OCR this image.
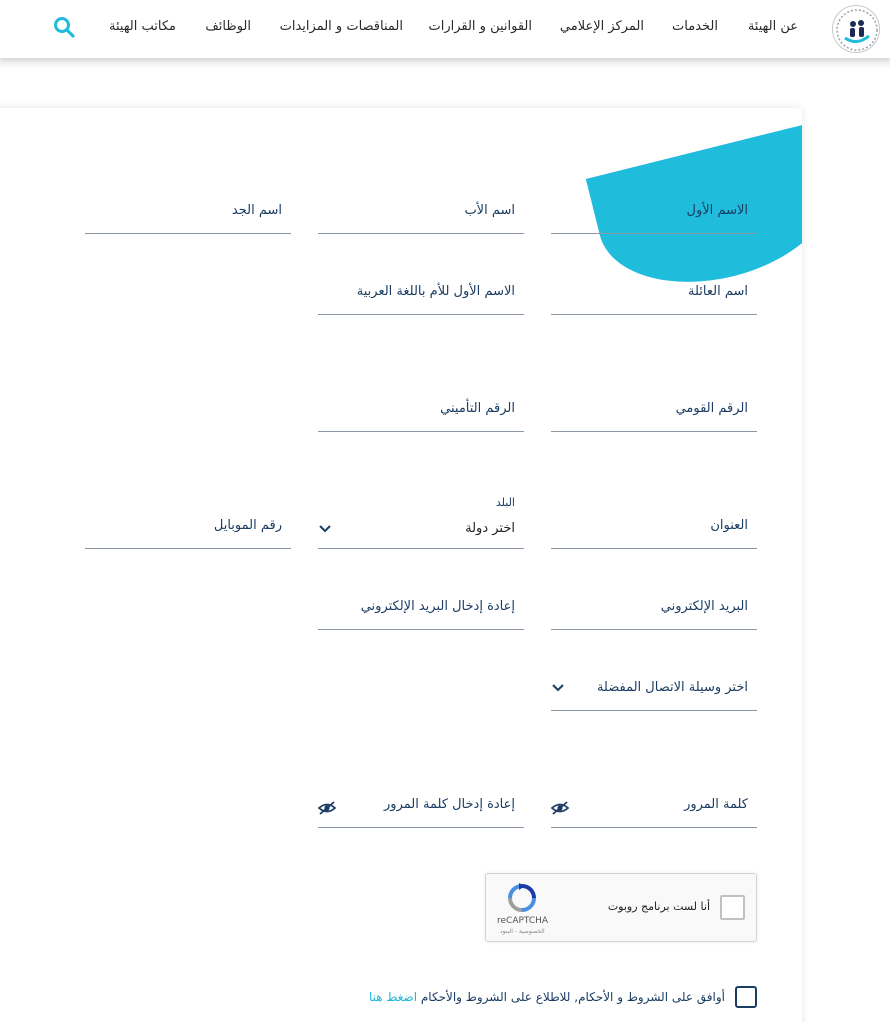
عن الهيئة
الخدمات
المركز الإعلامي
القوانين و القرارات
المناقصات و المزايدات
الوظائف
مكاتب الهيئة
الاسم الأول
اسم الأب
اسم الجد
اسم العائلة
الاسم الأول للأم باللغة العربية
الرقم القومي
الرقم التأميني
العنوان
البلد
اختر دولة
رقم الموبايل
البريد الإلكتروني
إعادة إدخال البريد الإلكتروني
اختر وسيلة الاتصال المفضلة
كلمة المرور
إعادة إدخال كلمة المرور
أنا لست برنامج روبوت
reCAPTCHA
الخصوصية - البنود
أوافق على الشروط و الأحكام, للاطلاع على الشروط والأحكام اضغط هنا
